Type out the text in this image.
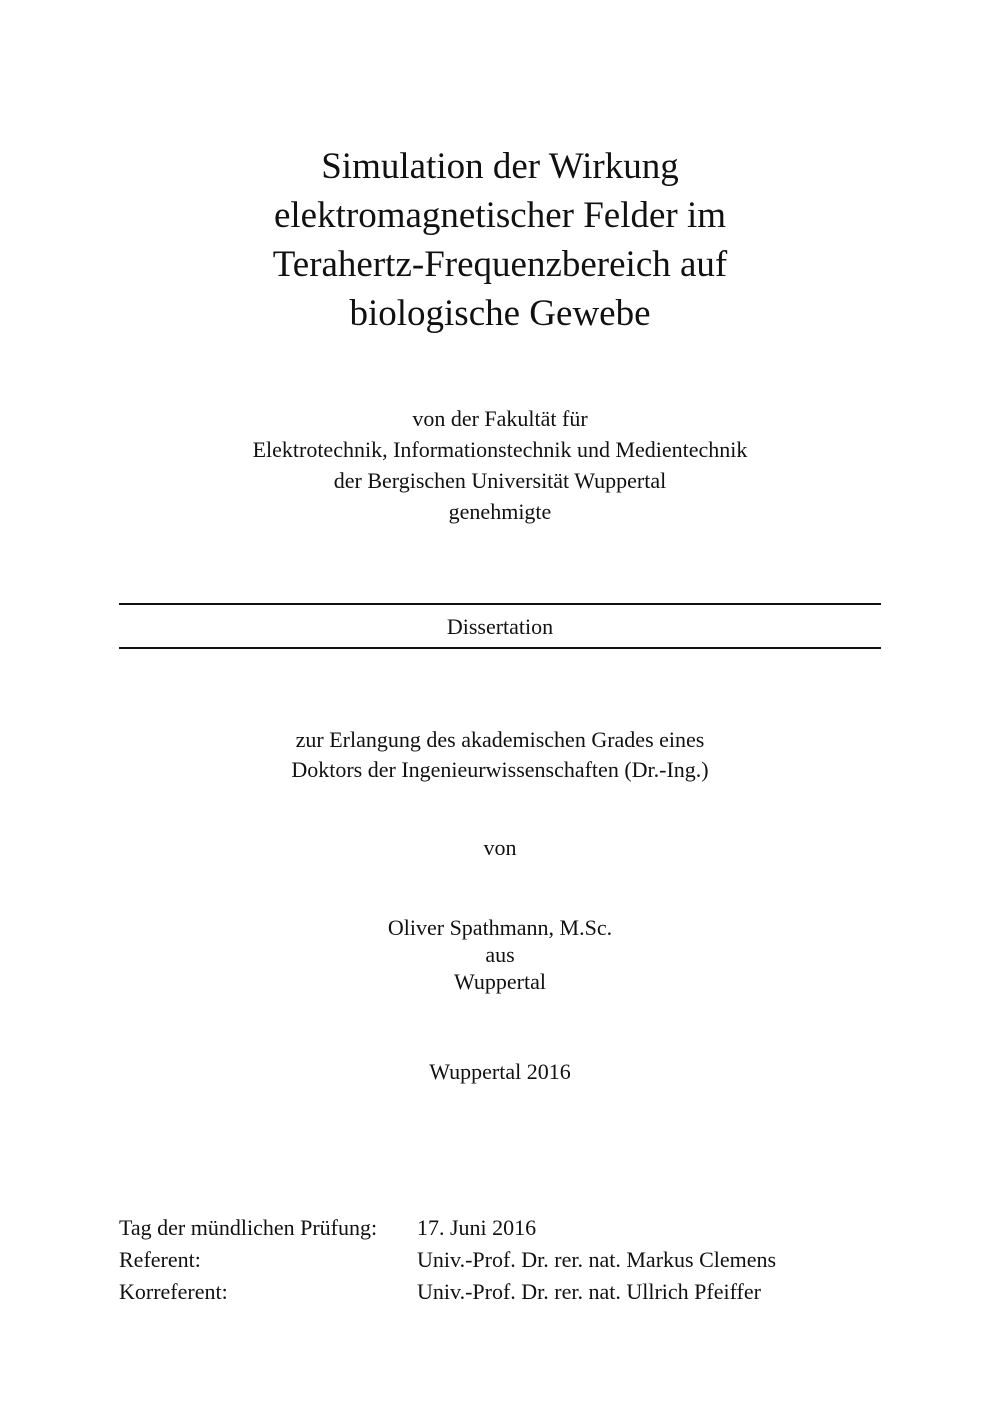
Simulation der Wirkung
elektromagnetischer Felder im
Terahertz-Frequenzbereich auf
biologische Gewebe
von der Fakultät für
Elektrotechnik, Informationstechnik und Medientechnik
der Bergischen Universität Wuppertal
genehmigte
Dissertation
zur Erlangung des akademischen Grades eines
Doktors der Ingenieurwissenschaften (Dr.-Ing.)
von
Oliver Spathmann, M.Sc.
aus
Wuppertal
Wuppertal 2016
Tag der mündlichen Prüfung:	17. Juni 2016
Referent:	Univ.-Prof. Dr. rer. nat. Markus Clemens
Korreferent:	Univ.-Prof. Dr. rer. nat. Ullrich Pfeiffer
